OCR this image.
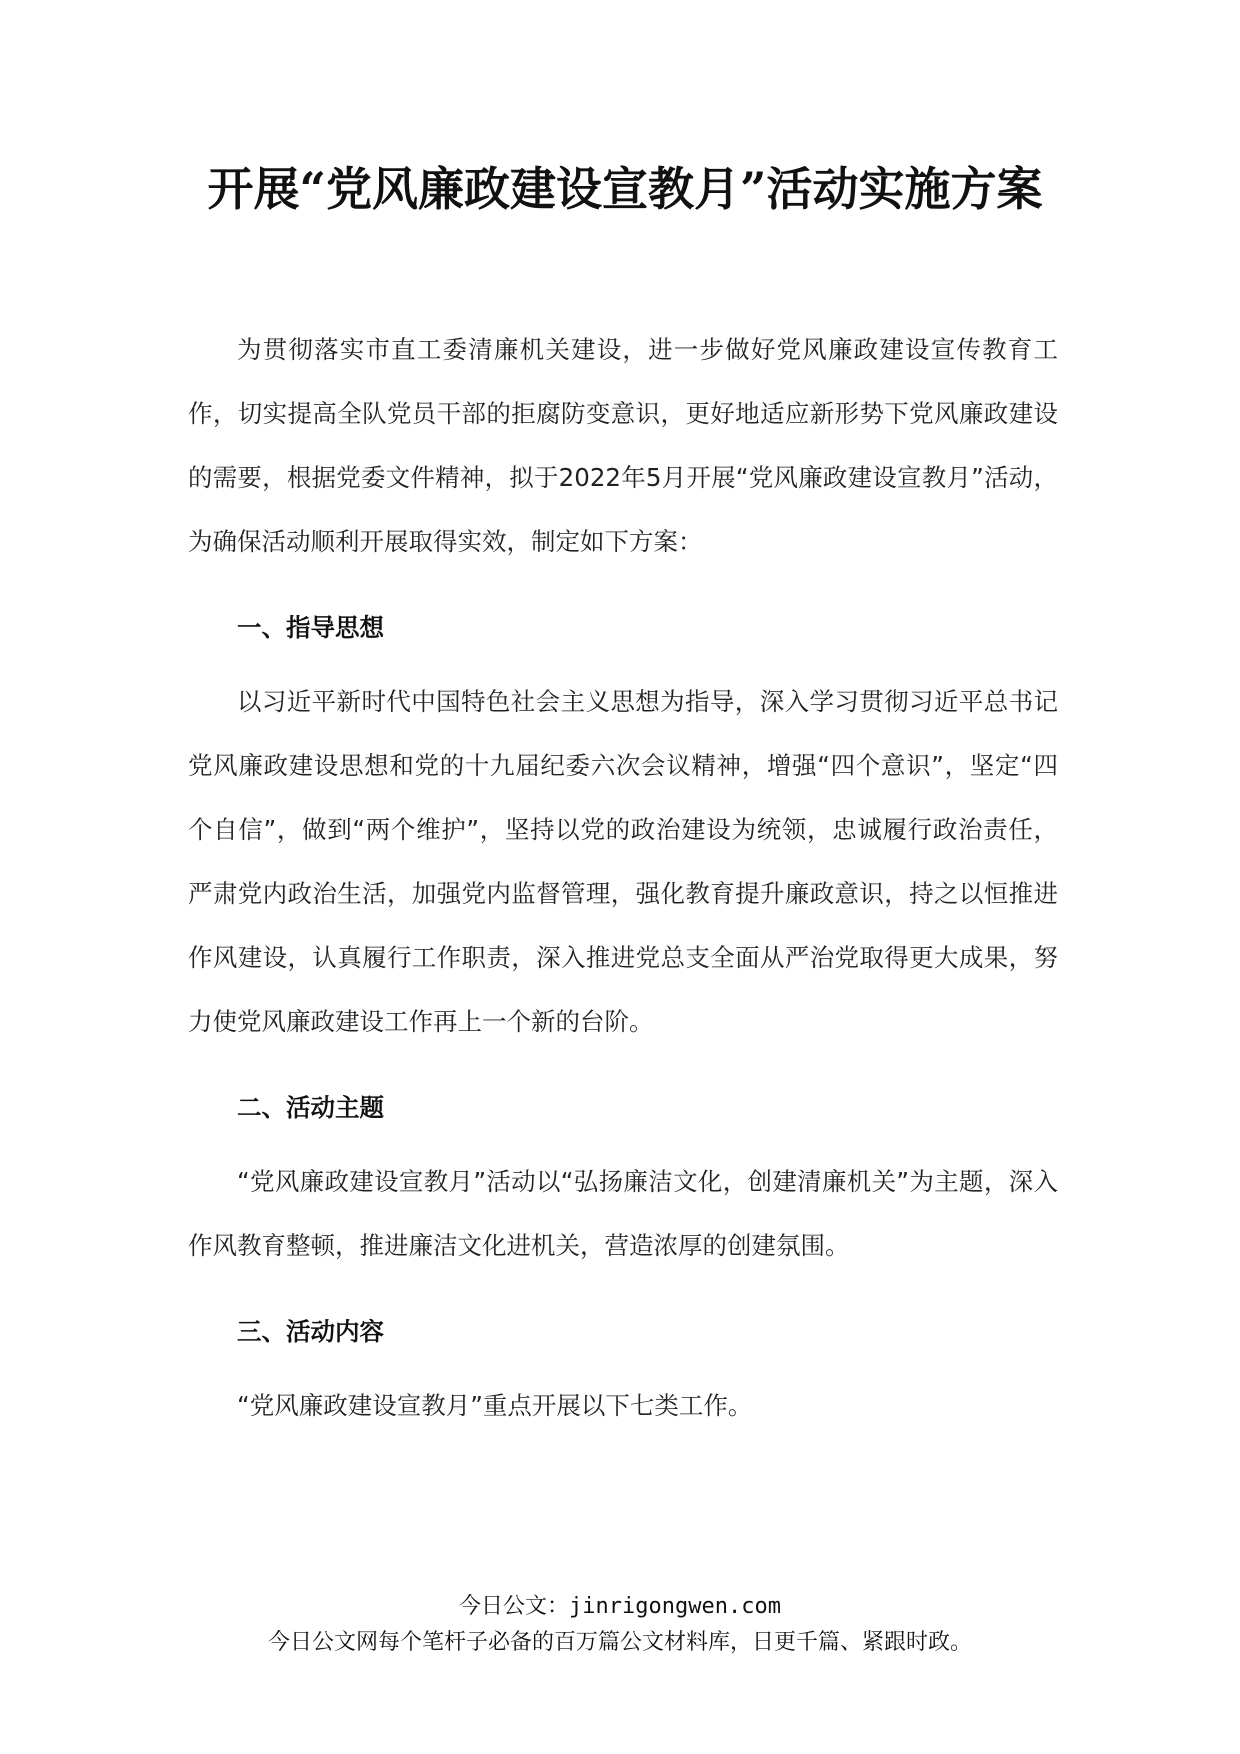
开展“党风廉政建设宣教月”活动实施方案

为贯彻落实市直工委清廉机关建设，进一步做好党风廉政建设宣传教育工作，切实提高全队党员干部的拒腐防变意识，更好地适应新形势下党风廉政建设的需要，根据党委文件精神，拟于2022年5月开展“党风廉政建设宣教月”活动，为确保活动顺利开展取得实效，制定如下方案：

一、指导思想

以习近平新时代中国特色社会主义思想为指导，深入学习贯彻习近平总书记党风廉政建设思想和党的十九届纪委六次会议精神，增强“四个意识”，坚定“四个自信”，做到“两个维护”，坚持以党的政治建设为统领，忠诚履行政治责任，严肃党内政治生活，加强党内监督管理，强化教育提升廉政意识，持之以恒推进作风建设，认真履行工作职责，深入推进党总支全面从严治党取得更大成果，努力使党风廉政建设工作再上一个新的台阶。

二、活动主题

“党风廉政建设宣教月”活动以“弘扬廉洁文化，创建清廉机关”为主题，深入作风教育整顿，推进廉洁文化进机关，营造浓厚的创建氛围。

三、活动内容

“党风廉政建设宣教月”重点开展以下七类工作。

今日公文：jinrigongwen.com
今日公文网每个笔杆子必备的百万篇公文材料库，日更千篇、紧跟时政。
